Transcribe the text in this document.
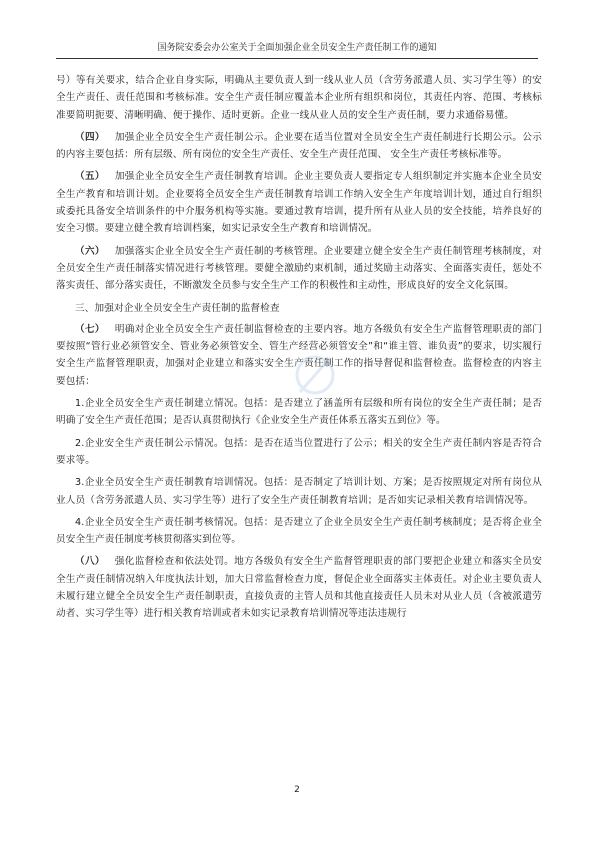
国务院安委会办公室关于全面加强企业全员安全生产责任制工作的通知

号）等有关要求，结合企业自身实际，明确从主要负责人到一线从业人员（含劳务派遣人员、实习学生等）的安全生产责任、责任范围和考核标准。安全生产责任制应覆盖本企业所有组织和岗位，其责任内容、范围、考核标准要简明扼要、清晰明确、便于操作、适时更新。企业一线从业人员的安全生产责任制，要力求通俗易懂。

（四） 加强企业全员安全生产责任制公示。企业要在适当位置对全员安全生产责任制进行长期公示。公示的内容主要包括：所有层级、所有岗位的安全生产责任、安全生产责任范围、 安全生产责任考核标准等。

（五） 加强企业全员安全生产责任制教育培训。企业主要负责人要指定专人组织制定并实施本企业全员安全生产教育和培训计划。企业要将全员安全生产责任制教育培训工作纳入安全生产年度培训计划，通过自行组织或委托具备安全培训条件的中介服务机构等实施。要通过教育培训，提升所有从业人员的安全技能，培养良好的安全习惯。要建立健全教育培训档案，如实记录安全生产教育和培训情况。

（六） 加强落实企业全员安全生产责任制的考核管理。企业要建立健全安全生产责任制管理考核制度，对全员安全生产责任制落实情况进行考核管理。要健全激励约束机制，通过奖励主动落实、全面落实责任，惩处不落实责任、部分落实责任，不断激发全员参与安全生产工作的积极性和主动性，形成良好的安全文化氛围。

三、加强对企业全员安全生产责任制的监督检查

（七） 明确对企业全员安全生产责任制监督检查的主要内容。地方各级负有安全生产监督管理职责的部门要按照“管行业必须管安全、管业务必须管安全、管生产经营必须管安全”和“谁主管、谁负责”的要求，切实履行安全生产监督管理职责，加强对企业建立和落实安全生产责任制工作的指导督促和监督检查。监督检查的内容主要包括：

1.企业全员安全生产责任制建立情况。包括：是否建立了涵盖所有层级和所有岗位的安全生产责任制；是否明确了安全生产责任范围；是否认真贯彻执行《企业安全生产责任体系五落实五到位》等。

2.企业安全生产责任制公示情况。包括：是否在适当位置进行了公示；相关的安全生产责任制内容是否符合要求等。

3.企业全员安全生产责任制教育培训情况。包括：是否制定了培训计划、方案；是否按照规定对所有岗位从业人员（含劳务派遣人员、实习学生等）进行了安全生产责任制教育培训；是否如实记录相关教育培训情况等。

4.企业全员安全生产责任制考核情况。包括：是否建立了企业全员安全生产责任制考核制度；是否将企业全员安全生产责任制度考核贯彻落实到位等。

（八） 强化监督检查和依法处罚。地方各级负有安全生产监督管理职责的部门要把企业建立和落实全员安全生产责任制情况纳入年度执法计划，加大日常监督检查力度，督促企业全面落实主体责任。对企业主要负责人未履行建立健全全员安全生产责任制职责，直接负责的主管人员和其他直接责任人员未对从业人员（含被派遣劳动者、实习学生等）进行相关教育培训或者未如实记录教育培训情况等违法违规行

2
